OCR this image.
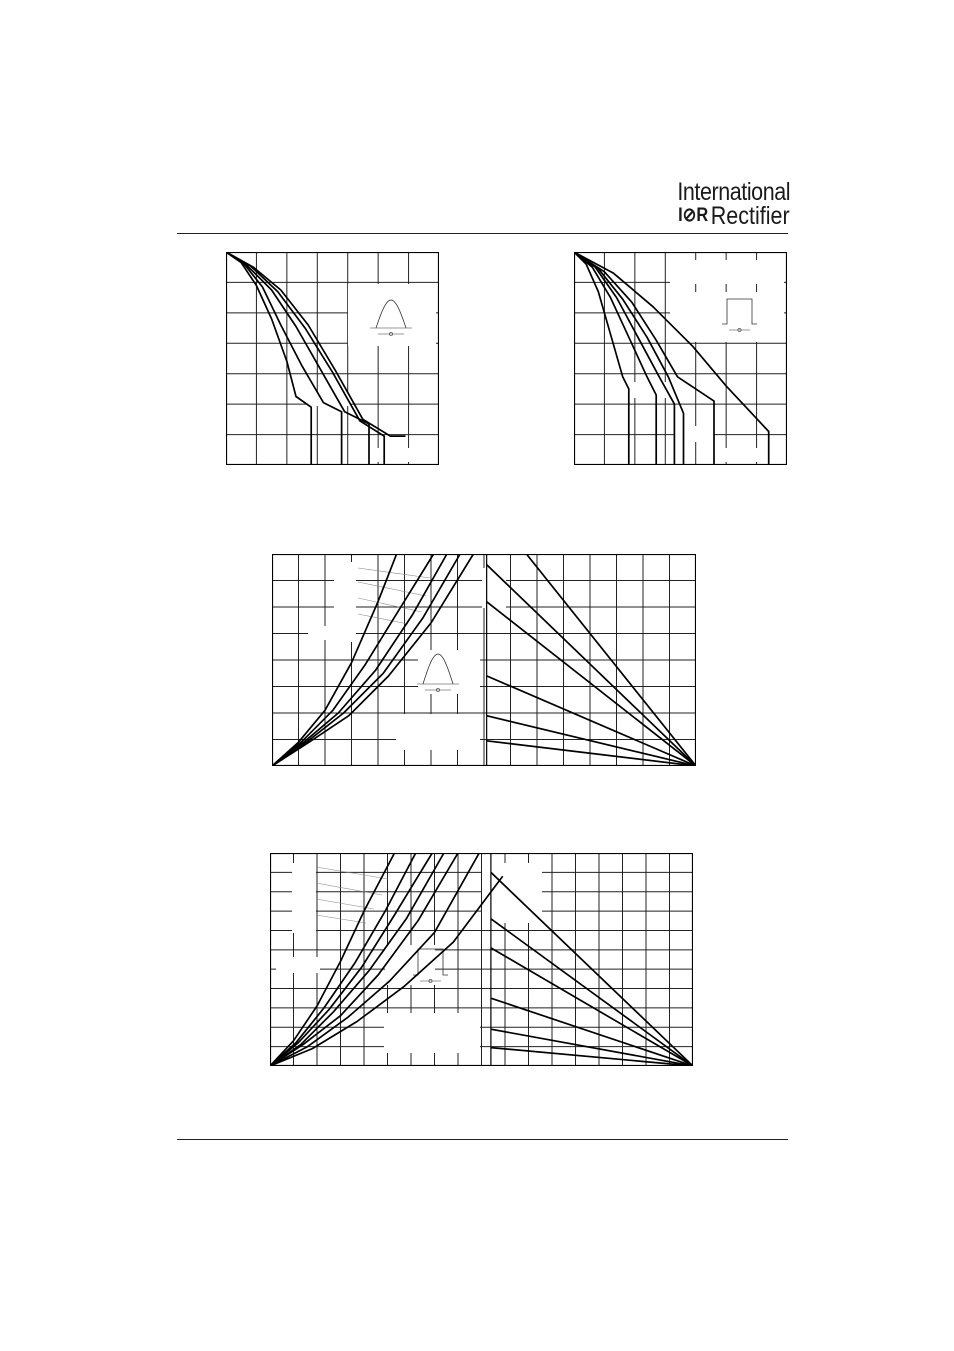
International
I⊘R Rectifier
